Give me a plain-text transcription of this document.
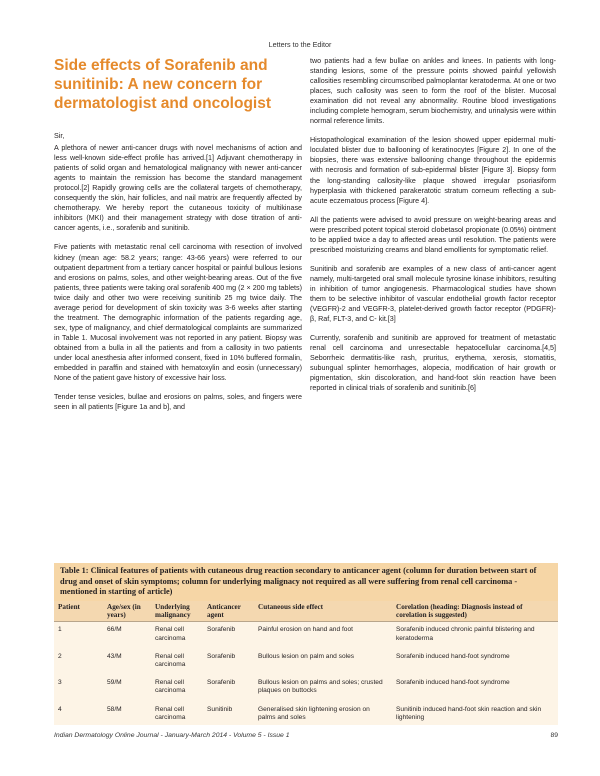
Letters to the Editor
Side effects of Sorafenib and sunitinib: A new concern for dermatologist and oncologist

Sir,

A plethora of newer anti-cancer drugs with novel mechanisms of action and less well-known side-effect profile has arrived.[1] Adjuvant chemotherapy in patients of solid organ and hematological malignancy with newer anti-cancer agents to maintain the remission has become the standard management protocol.[2] Rapidly growing cells are the collateral targets of chemotherapy, consequently the skin, hair follicles, and nail matrix are frequently affected by chemotherapy. We hereby report the cutaneous toxicity of multikinase inhibitors (MKI) and their management strategy with dose titration of anti-cancer agents, i.e., sorafenib and sunitinib.

Five patients with metastatic renal cell carcinoma with resection of involved kidney (mean age: 58.2 years; range: 43-66 years) were referred to our outpatient department from a tertiary cancer hospital or painful bullous lesions and erosions on palms, soles, and other weight-bearing areas. Out of the five patients, three patients were taking oral sorafenib 400 mg (2 × 200 mg tablets) twice daily and other two were receiving sunitinib 25 mg twice daily. The average period for development of skin toxicity was 3-6 weeks after starting the treatment. The demographic information of the patients regarding age, sex, type of malignancy, and chief dermatological complaints are summarized in Table 1. Mucosal involvement was not reported in any patient. Biopsy was obtained from a bulla in all the patients and from a callosity in two patients under local anesthesia after informed consent, fixed in 10% buffered formalin, embedded in paraffin and stained with hematoxylin and eosin (unnecessary) None of the patient gave history of excessive hair loss.

Tender tense vesicles, bullae and erosions on palms, soles, and fingers were seen in all patients [Figure 1a and b], and

two patients had a few bullae on ankles and knees. In patients with long-standing lesions, some of the pressure points showed painful yellowish callosities resembling circumscribed palmoplantar keratoderma. At one or two places, such callosity was seen to form the roof of the blister. Mucosal examination did not reveal any abnormality. Routine blood investigations including complete hemogram, serum biochemistry, and urinalysis were within normal reference limits.

Histopathological examination of the lesion showed upper epidermal multi-loculated blister due to ballooning of keratinocytes [Figure 2]. In one of the biopsies, there was extensive ballooning change throughout the epidermis with necrosis and formation of sub-epidermal blister [Figure 3]. Biopsy form the long-standing callosity-like plaque showed irregular psoriasiform hyperplasia with thickened parakeratotic stratum corneum reflecting a sub-acute eczematous process [Figure 4].

All the patients were advised to avoid pressure on weight-bearing areas and were prescribed potent topical steroid clobetasol propionate (0.05%) ointment to be applied twice a day to affected areas until resolution. The patients were prescribed moisturizing creams and bland emollients for symptomatic relief.

Sunitinib and sorafenib are examples of a new class of anti-cancer agent namely, multi-targeted oral small molecule tyrosine kinase inhibitors, resulting in inhibition of tumor angiogenesis. Pharmacological studies have shown them to be selective inhibitor of vascular endothelial growth factor receptor (VEGFR)-2 and VEGFR-3, platelet-derived growth factor receptor (PDGFR)-β, Raf, FLT-3, and C- kit.[3]

Currently, sorafenib and sunitinib are approved for treatment of metastatic renal cell carcinoma and unresectable hepatocellular carcinoma.[4,5] Seborrheic dermatitis-like rash, pruritus, erythema, xerosis, stomatitis, subungual splinter hemorrhages, alopecia, modification of hair growth or pigmentation, skin discoloration, and hand-foot skin reaction have been reported in clinical trials of sorafenib and sunitinib.[6]

Table 1: Clinical features of patients with cutaneous drug reaction secondary to anticancer agent (column for duration between start of drug and onset of skin symptoms; column for underlying malignacy not required as all were suffering from renal cell carcinoma - mentioned in starting of article)
Patient	Age/sex (in years)	Underlying malignancy	Anticancer agent	Cutaneous side effect	Corelation (heading: Diagnosis instead of corelation is suggested)
1	66/M	Renal cell carcinoma	Sorafenib	Painful erosion on hand and foot	Sorafenib induced chronic painful blistering and keratoderma
2	43/M	Renal cell carcinoma	Sorafenib	Bullous lesion on palm and soles	Sorafenib induced hand-foot syndrome
3	59/M	Renal cell carcinoma	Sorafenib	Bullous lesion on palms and soles; crusted plaques on buttocks	Sorafenib induced hand-foot syndrome
4	58/M	Renal cell carcinoma	Sunitinib	Generalised skin lightening erosion on palms and soles	Sunitinib induced hand-foot skin reaction and skin lightening
Indian Dermatology Online Journal - January-March 2014 - Volume 5 - Issue 1	89
